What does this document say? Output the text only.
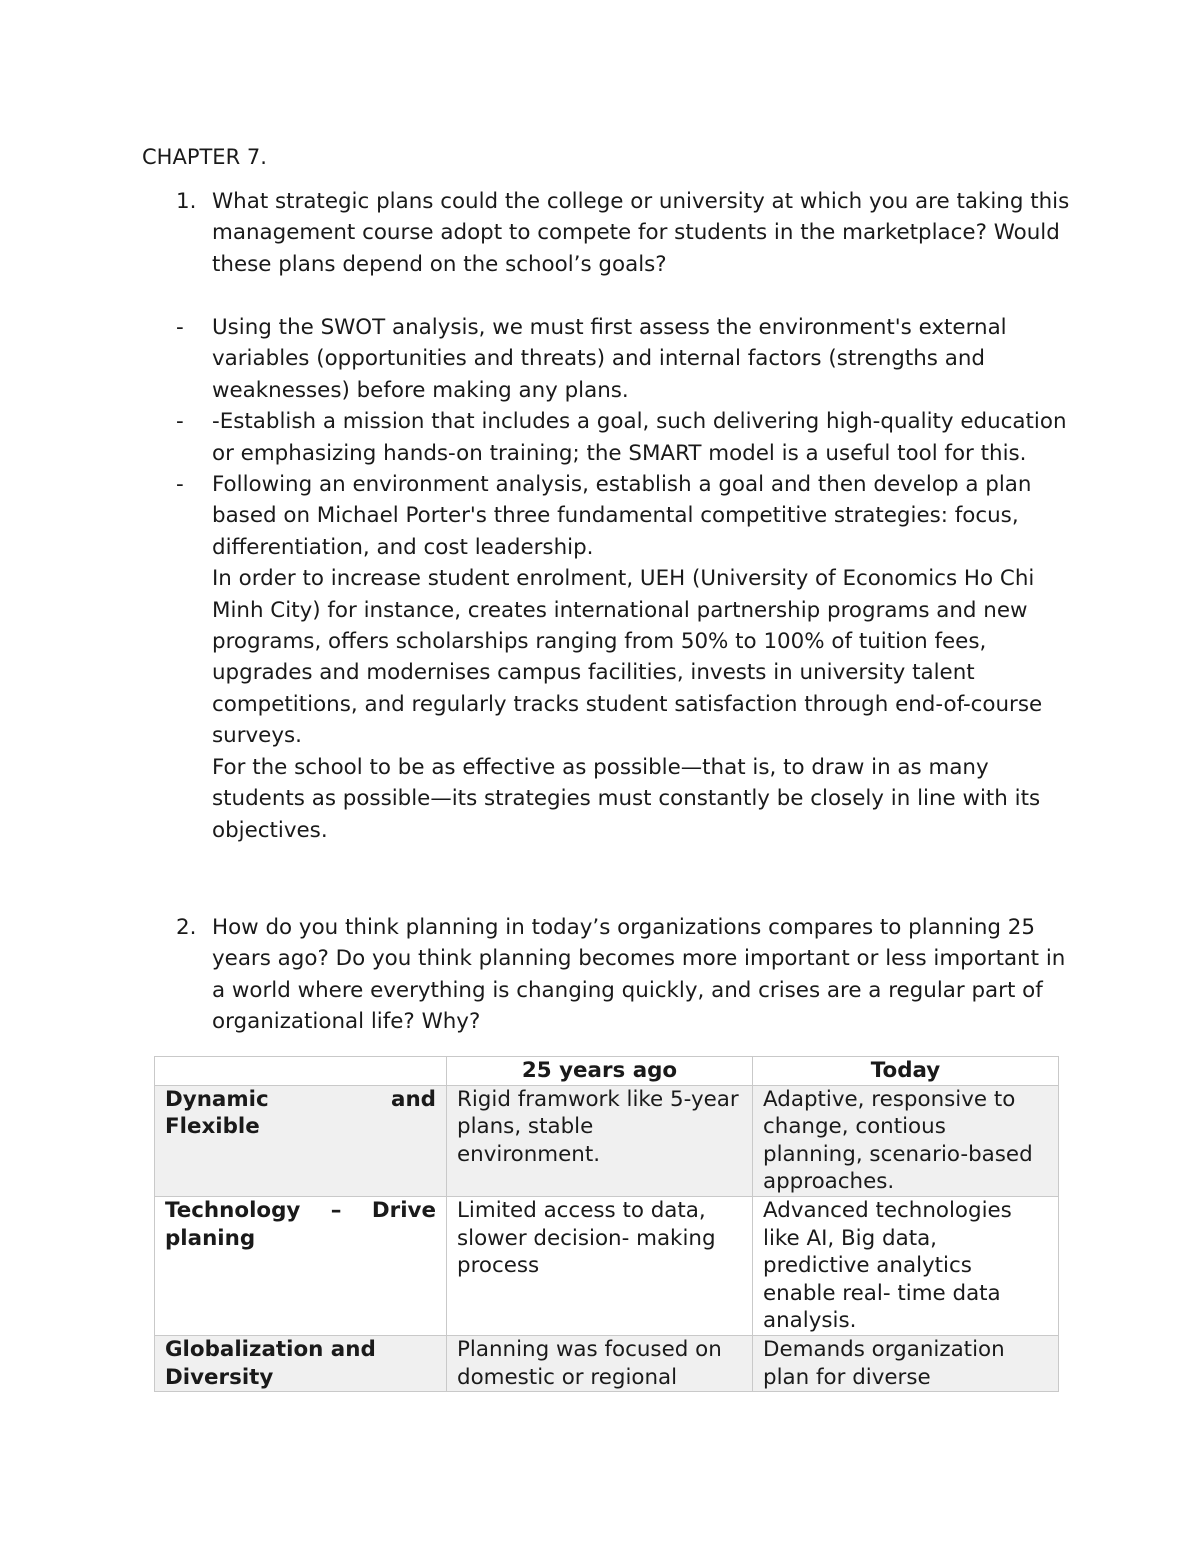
CHAPTER 7.
1. What strategic plans could the college or university at which you are taking this management course adopt to compete for students in the marketplace? Would these plans depend on the school’s goals?
-	Using the SWOT analysis, we must first assess the environment's external variables (opportunities and threats) and internal factors (strengths and weaknesses) before making any plans.
-	-Establish a mission that includes a goal, such delivering high-quality education or emphasizing hands-on training; the SMART model is a useful tool for this.
-	Following an environment analysis, establish a goal and then develop a plan based on Michael Porter's three fundamental competitive strategies: focus, differentiation, and cost leadership.
In order to increase student enrolment, UEH (University of Economics Ho Chi Minh City) for instance, creates international partnership programs and new programs, offers scholarships ranging from 50% to 100% of tuition fees, upgrades and modernises campus facilities, invests in university talent competitions, and regularly tracks student satisfaction through end-of-course surveys.
For the school to be as effective as possible—that is, to draw in as many students as possible—its strategies must constantly be closely in line with its objectives.
2. How do you think planning in today’s organizations compares to planning 25 years ago? Do you think planning becomes more important or less important in a world where everything is changing quickly, and crises are a regular part of organizational life? Why?
	25 years ago	Today

Dynamic and
Flexible	Rigid framwork like 5-year plans, stable environment.	Adaptive, responsive to change, contious planning, scenario-based approaches.

Technology – Drive
planing	Limited access to data, slower decision- making process	Advanced technologies like AI, Big data, predictive analytics enable real- time data analysis.

Globalization and Diversity	Planning was focused on domestic or regional	Demands organization plan for diverse
